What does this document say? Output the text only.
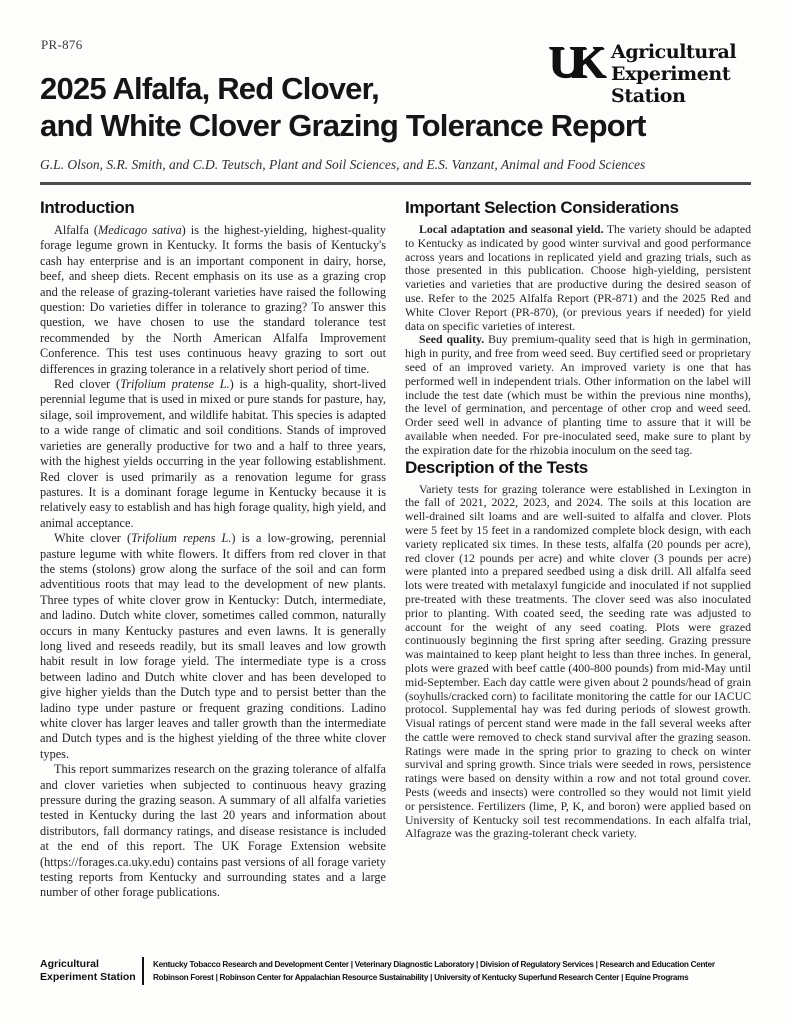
PR-876	UK Agricultural
Experiment Station
2025 Alfalfa, Red Clover,
and White Clover Grazing Tolerance Report
G.L. Olson, S.R. Smith, and C.D. Teutsch, Plant and Soil Sciences, and E.S. Vanzant, Animal and Food Sciences
Introduction

Alfalfa (Medicago sativa) is the highest-yielding, highest-quality forage legume grown in Kentucky. It forms the basis of Kentucky's cash hay enterprise and is an important component in dairy, horse, beef, and sheep diets. Recent emphasis on its use as a grazing crop and the release of grazing-tolerant varieties have raised the following question: Do varieties differ in tolerance to grazing? To answer this question, we have chosen to use the standard tolerance test recommended by the North American Alfalfa Improvement Conference. This test uses continuous heavy grazing to sort out differences in grazing tolerance in a relatively short period of time.

Red clover (Trifolium pratense L.) is a high-quality, short-lived perennial legume that is used in mixed or pure stands for pasture, hay, silage, soil improvement, and wildlife habitat. This species is adapted to a wide range of climatic and soil conditions. Stands of improved varieties are generally productive for two and a half to three years, with the highest yields occurring in the year following establishment. Red clover is used primarily as a renovation legume for grass pastures. It is a dominant forage legume in Kentucky because it is relatively easy to establish and has high forage quality, high yield, and animal acceptance.

White clover (Trifolium repens L.) is a low-growing, perennial pasture legume with white flowers. It differs from red clover in that the stems (stolons) grow along the surface of the soil and can form adventitious roots that may lead to the development of new plants. Three types of white clover grow in Kentucky: Dutch, intermediate, and ladino. Dutch white clover, sometimes called common, naturally occurs in many Kentucky pastures and even lawns. It is generally long lived and reseeds readily, but its small leaves and low growth habit result in low forage yield. The intermediate type is a cross between ladino and Dutch white clover and has been developed to give higher yields than the Dutch type and to persist better than the ladino type under pasture or frequent grazing conditions. Ladino white clover has larger leaves and taller growth than the intermediate and Dutch types and is the highest yielding of the three white clover types.

This report summarizes research on the grazing tolerance of alfalfa and clover varieties when subjected to continuous heavy grazing pressure during the grazing season. A summary of all alfalfa varieties tested in Kentucky during the last 20 years and information about distributors, fall dormancy ratings, and disease resistance is included at the end of this report. The UK Forage Extension website (https://forages.ca.uky.edu) contains past versions of all forage variety testing reports from Kentucky and surrounding states and a large number of other forage publications.

Important Selection Considerations

Local adaptation and seasonal yield. The variety should be adapted to Kentucky as indicated by good winter survival and good performance across years and locations in replicated yield and grazing trials, such as those presented in this publication. Choose high-yielding, persistent varieties and varieties that are productive during the desired season of use. Refer to the 2025 Alfalfa Report (PR-871) and the 2025 Red and White Clover Report (PR-870), (or previous years if needed) for yield data on specific varieties of interest.

Seed quality. Buy premium-quality seed that is high in germination, high in purity, and free from weed seed. Buy certified seed or proprietary seed of an improved variety. An improved variety is one that has performed well in independent trials. Other information on the label will include the test date (which must be within the previous nine months), the level of germination, and percentage of other crop and weed seed. Order seed well in advance of planting time to assure that it will be available when needed. For pre-inoculated seed, make sure to plant by the expiration date for the rhizobia inoculum on the seed tag.

Description of the Tests

Variety tests for grazing tolerance were established in Lexington in the fall of 2021, 2022, 2023, and 2024. The soils at this location are well-drained silt loams and are well-suited to alfalfa and clover. Plots were 5 feet by 15 feet in a randomized complete block design, with each variety replicated six times. In these tests, alfalfa (20 pounds per acre), red clover (12 pounds per acre) and white clover (3 pounds per acre) were planted into a prepared seedbed using a disk drill. All alfalfa seed lots were treated with metalaxyl fungicide and inoculated if not supplied pre-treated with these treatments. The clover seed was also inoculated prior to planting. With coated seed, the seeding rate was adjusted to account for the weight of any seed coating. Plots were grazed continuously beginning the first spring after seeding. Grazing pressure was maintained to keep plant height to less than three inches. In general, plots were grazed with beef cattle (400-800 pounds) from mid-May until mid-September. Each day cattle were given about 2 pounds/head of grain (soyhulls/cracked corn) to facilitate monitoring the cattle for our IACUC protocol. Supplemental hay was fed during periods of slowest growth. Visual ratings of percent stand were made in the fall several weeks after the cattle were removed to check stand survival after the grazing season. Ratings were made in the spring prior to grazing to check on winter survival and spring growth. Since trials were seeded in rows, persistence ratings were based on density within a row and not total ground cover. Pests (weeds and insects) were controlled so they would not limit yield or persistence. Fertilizers (lime, P, K, and boron) were applied based on University of Kentucky soil test recommendations. In each alfalfa trial, Alfagraze was the grazing-tolerant check variety.

Agricultural
Experiment Station
Kentucky Tobacco Research and Development Center | Veterinary Diagnostic Laboratory | Division of Regulatory Services | Research and Education Center
Robinson Forest | Robinson Center for Appalachian Resource Sustainability | University of Kentucky Superfund Research Center | Equine Programs
